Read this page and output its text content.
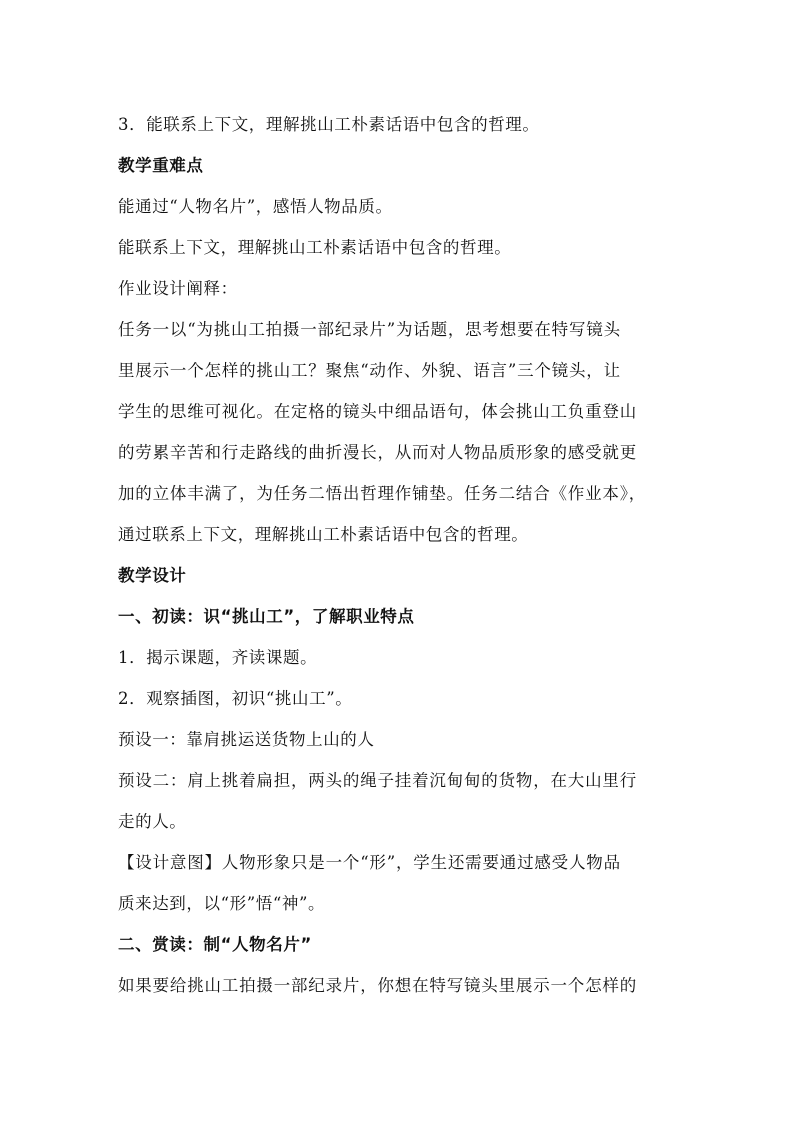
3．能联系上下文，理解挑山工朴素话语中包含的哲理。

教学重难点

能通过“人物名片”，感悟人物品质。

能联系上下文，理解挑山工朴素话语中包含的哲理。

作业设计阐释：

任务一以“为挑山工拍摄一部纪录片”为话题，思考想要在特写镜头

里展示一个怎样的挑山工？聚焦“动作、外貌、语言”三个镜头，让

学生的思维可视化。在定格的镜头中细品语句，体会挑山工负重登山

的劳累辛苦和行走路线的曲折漫长，从而对人物品质形象的感受就更

加的立体丰满了，为任务二悟出哲理作铺垫。任务二结合《作业本》，

通过联系上下文，理解挑山工朴素话语中包含的哲理。

教学设计

一、初读：识“挑山工”，了解职业特点

1．揭示课题，齐读课题。

2．观察插图，初识“挑山工”。

预设一：靠肩挑运送货物上山的人

预设二：肩上挑着扁担，两头的绳子挂着沉甸甸的货物，在大山里行

走的人。

【设计意图】人物形象只是一个“形”，学生还需要通过感受人物品

质来达到，以“形”悟“神”。

二、赏读：制“人物名片”

如果要给挑山工拍摄一部纪录片，你想在特写镜头里展示一个怎样的
